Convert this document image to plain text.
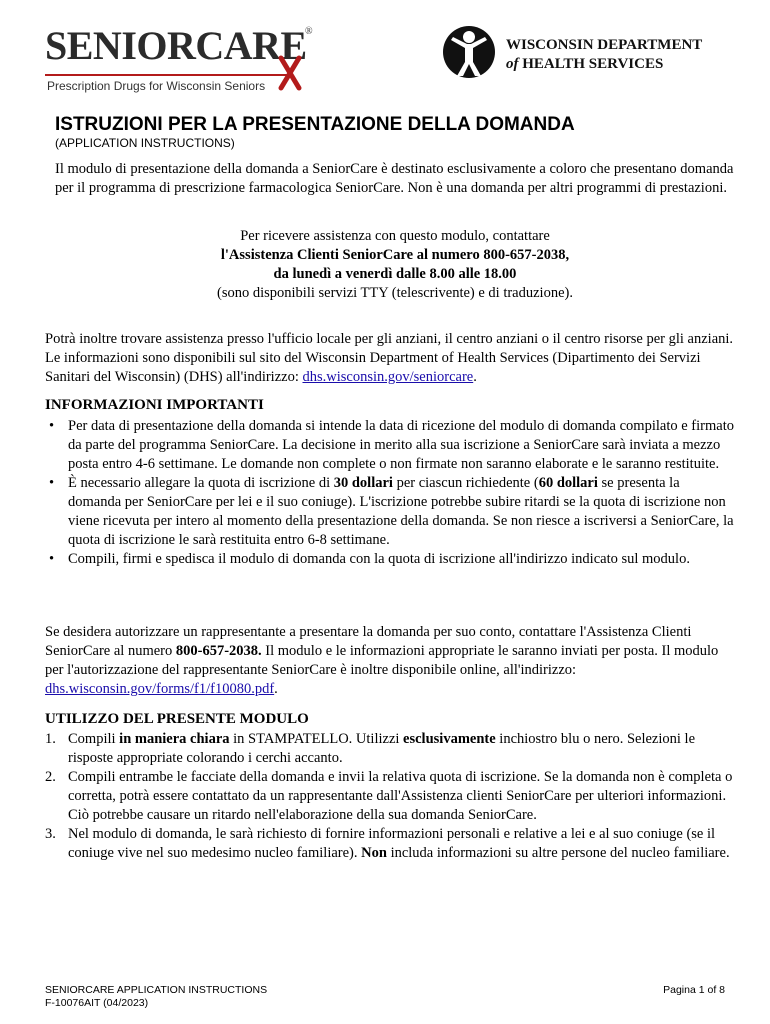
SENIORCARE
®
Prescription Drugs for Wisconsin Seniors
WISCONSIN DEPARTMENT
of HEALTH SERVICES
ISTRUZIONI PER LA PRESENTAZIONE DELLA DOMANDA
(APPLICATION INSTRUCTIONS)
Il modulo di presentazione della domanda a SeniorCare è destinato esclusivamente a coloro che presentano domanda per il programma di prescrizione farmacologica SeniorCare. Non è una domanda per altri programmi di prestazioni.
Per ricevere assistenza con questo modulo, contattare
l'Assistenza Clienti SeniorCare al numero 800-657-2038,
da lunedì a venerdì dalle 8.00 alle 18.00
(sono disponibili servizi TTY (telescrivente) e di traduzione).
Potrà inoltre trovare assistenza presso l'ufficio locale per gli anziani, il centro anziani o il centro risorse per gli anziani. Le informazioni sono disponibili sul sito del Wisconsin Department of Health Services (Dipartimento dei Servizi Sanitari del Wisconsin) (DHS) all'indirizzo: dhs.wisconsin.gov/seniorcare.
INFORMAZIONI IMPORTANTI
• Per data di presentazione della domanda si intende la data di ricezione del modulo di domanda compilato e firmato da parte del programma SeniorCare. La decisione in merito alla sua iscrizione a SeniorCare sarà inviata a mezzo posta entro 4-6 settimane. Le domande non complete o non firmate non saranno elaborate e le saranno restituite.
• È necessario allegare la quota di iscrizione di 30 dollari per ciascun richiedente (60 dollari se presenta la domanda per SeniorCare per lei e il suo coniuge). L'iscrizione potrebbe subire ritardi se la quota di iscrizione non viene ricevuta per intero al momento della presentazione della domanda. Se non riesce a iscriversi a SeniorCare, la quota di iscrizione le sarà restituita entro 6-8 settimane.
• Compili, firmi e spedisca il modulo di domanda con la quota di iscrizione all'indirizzo indicato sul modulo.
Se desidera autorizzare un rappresentante a presentare la domanda per suo conto, contattare l'Assistenza Clienti SeniorCare al numero 800-657-2038. Il modulo e le informazioni appropriate le saranno inviati per posta. Il modulo per l'autorizzazione del rappresentante SeniorCare è inoltre disponibile online, all'indirizzo: dhs.wisconsin.gov/forms/f1/f10080.pdf.
UTILIZZO DEL PRESENTE MODULO
1. Compili in maniera chiara in STAMPATELLO. Utilizzi esclusivamente inchiostro blu o nero. Selezioni le risposte appropriate colorando i cerchi accanto.
2. Compili entrambe le facciate della domanda e invii la relativa quota di iscrizione. Se la domanda non è completa o corretta, potrà essere contattato da un rappresentante dall'Assistenza clienti SeniorCare per ulteriori informazioni. Ciò potrebbe causare un ritardo nell'elaborazione della sua domanda SeniorCare.
3. Nel modulo di domanda, le sarà richiesto di fornire informazioni personali e relative a lei e al suo coniuge (se il coniuge vive nel suo medesimo nucleo familiare). Non includa informazioni su altre persone del nucleo familiare.
SENIORCARE APPLICATION INSTRUCTIONS
F-10076AIT (04/2023)
Pagina 1 of 8
